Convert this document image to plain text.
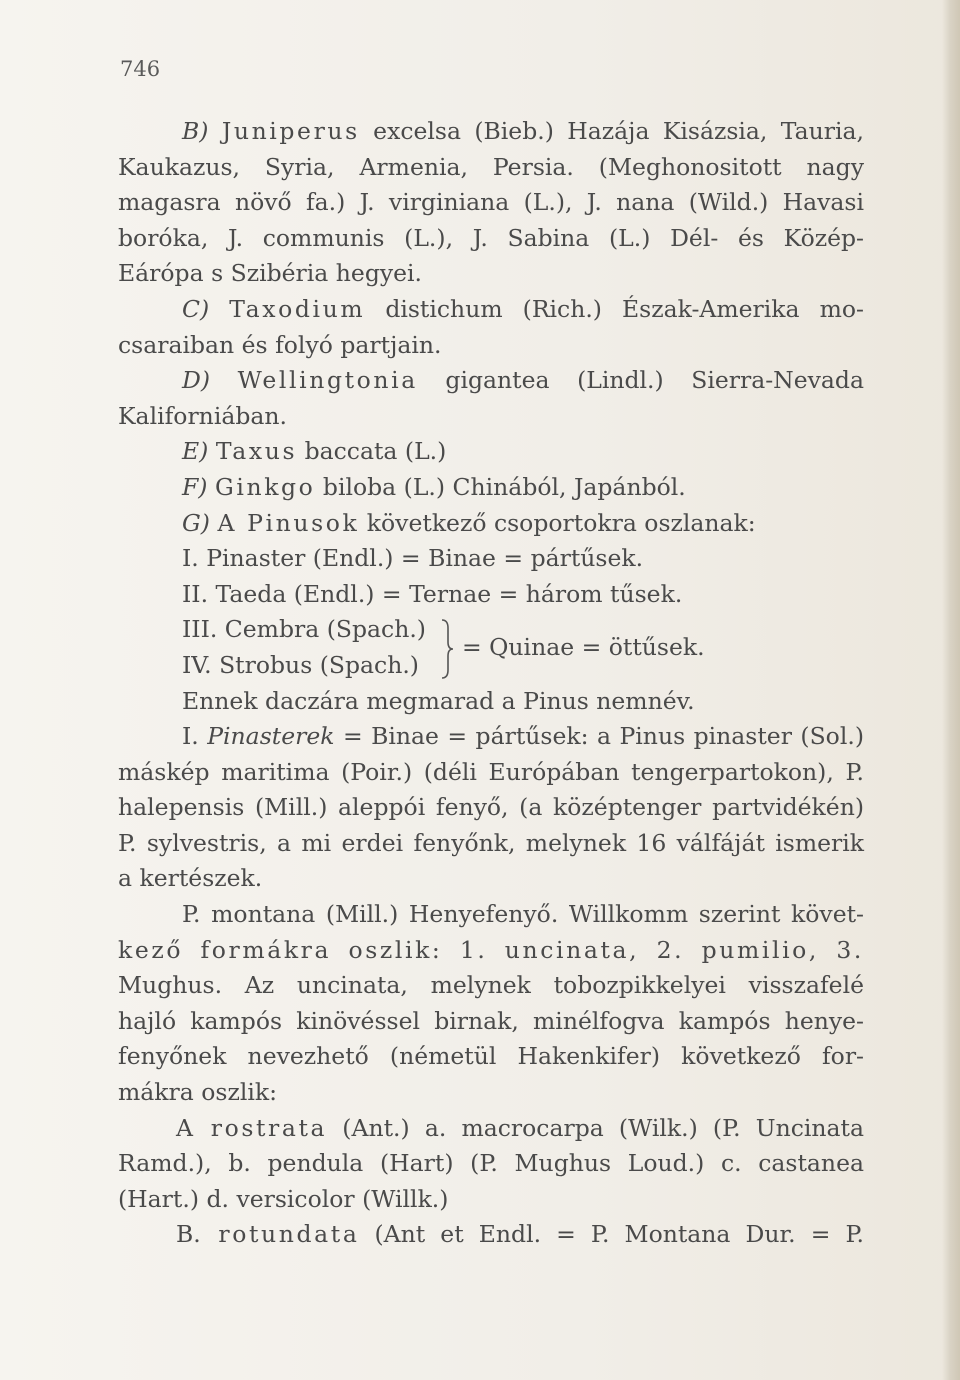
746
B) Juniperus excelsa (Bieb.) Hazája Kisázsia, Tauria,
Kaukazus, Syria, Armenia, Persia. (Meghonositott nagy
magasra növő fa.) J. virginiana (L.), J. nana (Wild.) Havasi
boróka, J. communis (L.), J. Sabina (L.) Dél- és Közép-
Eárópa s Szibéria hegyei.
C) Taxodium distichum (Rich.) Észak-Amerika mo-
csaraiban és folyó partjain.
D) Wellingtonia gigantea (Lindl.) Sierra-Nevada
Kaliforniában.
E) Taxus baccata (L.)
F) Ginkgo biloba (L.) Chinából, Japánból.
G) A Pinusok következő csoportokra oszlanak:
I. Pinaster (Endl.) = Binae = pártűsek.
II. Taeda (Endl.) = Ternae = három tűsek.
III. Cembra (Spach.)
IV. Strobus (Spach.)
= Quinae = öttűsek.
Ennek daczára megmarad a Pinus nemnév.
I. Pinasterek = Binae = pártűsek: a Pinus pinaster (Sol.)
máskép maritima (Poir.) (déli Európában tengerpartokon), P.
halepensis (Mill.) aleppói fenyő, (a középtenger partvidékén)
P. sylvestris, a mi erdei fenyőnk, melynek 16 válfáját ismerik
a kertészek.
P. montana (Mill.) Henyefenyő. Willkomm szerint követ-
kező formákra oszlik: 1. uncinata, 2. pumilio, 3.
Mughus. Az uncinata, melynek tobozpikkelyei visszafelé
hajló kampós kinövéssel birnak, minélfogva kampós henye-
fenyőnek nevezhető (németül Hakenkifer) következő for-
mákra oszlik:
A rostrata (Ant.) a. macrocarpa (Wilk.) (P. Uncinata
Ramd.), b. pendula (Hart) (P. Mughus Loud.) c. castanea
(Hart.) d. versicolor (Willk.)
B. rotundata (Ant et Endl. = P. Montana Dur. = P.
